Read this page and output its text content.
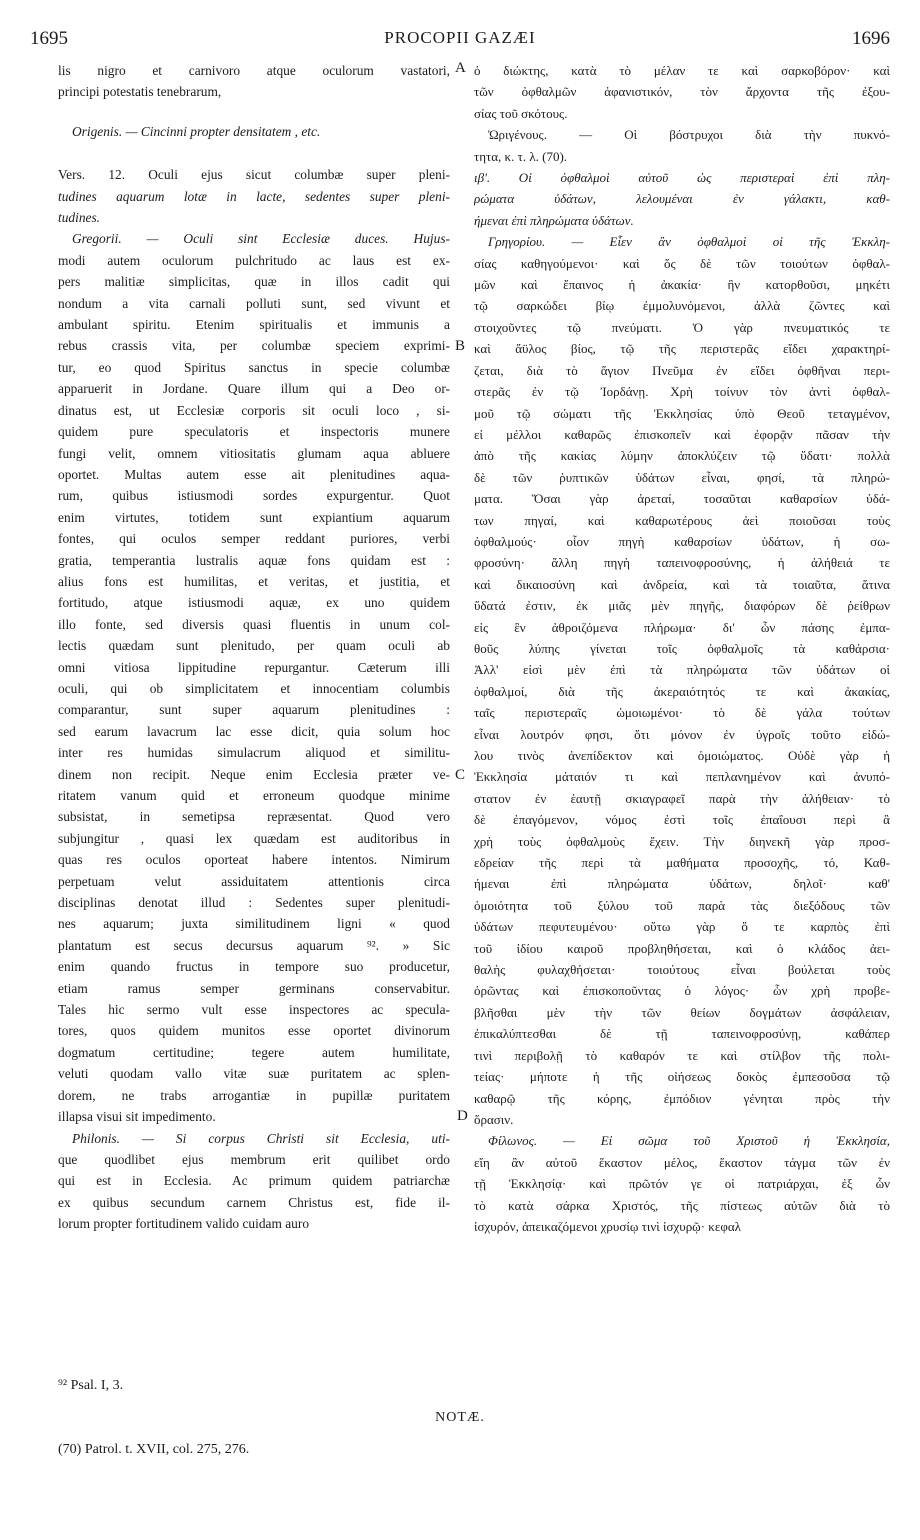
1695	PROCOPII GAZÆI	1696
lis nigro et carnivoro atque oculorum vastatori,
principi potestatis tenebrarum,
Origenis. — Cincinni propter densitatem , etc.
Vers. 12. Oculi ejus sicut columbæ super pleni-
tudines aquarum lotæ in lacte, sedentes super pleni-
tudines.
Gregorii. — Oculi sint Ecclesiæ duces. Hujus-
modi autem oculorum pulchritudo ac laus est ex-
pers malitiæ simplicitas, quæ in illos cadit qui
nondum a vita carnali polluti sunt, sed vivunt et
ambulant spiritu. Etenim spiritualis et immunis a
rebus crassis vita, per columbæ speciem exprimi-
tur, eo quod Spiritus sanctus in specie columbæ
apparuerit in Jordane. Quare illum qui a Deo or-
dinatus est, ut Ecclesiæ corporis sit oculi loco , si-
quidem pure speculatoris et inspectoris munere
fungi velit, omnem vitiositatis glumam aqua abluere
oportet. Multas autem esse ait plenitudines aqua-
rum, quibus istiusmodi sordes expurgentur. Quot
enim virtutes, totidem sunt expiantium aquarum
fontes, qui oculos semper reddant puriores, verbi
gratia, temperantia lustralis aquæ fons quidam est :
alius fons est humilitas, et veritas, et justitia, et
fortitudo, atque istiusmodi aquæ, ex uno quidem
illo fonte, sed diversis quasi fluentis in unum col-
lectis quædam sunt plenitudo, per quam oculi ab
omni vitiosa lippitudine repurgantur. Cæterum illi
oculi, qui ob simplicitatem et innocentiam columbis
comparantur, sunt super aquarum plenitudines :
sed earum lavacrum lac esse dicit, quia solum hoc
inter res humidas simulacrum aliquod et similitu-
dinem non recipit. Neque enim Ecclesia præter ve-
ritatem vanum quid et erroneum quodque minime
subsistat, in semetipsa repræsentat. Quod vero
subjungitur , quasi lex quædam est auditoribus in
quas res oculos oporteat habere intentos. Nimirum
perpetuam velut assiduitatem attentionis circa
disciplinas denotat illud : Sedentes super plenitudi-
nes aquarum; juxta similitudinem ligni « quod
plantatum est secus decursus aquarum ⁹². » Sic
enim quando fructus in tempore suo producetur,
etiam ramus semper germinans conservabitur.
Tales hic sermo vult esse inspectores ac specula-
tores, quos quidem munitos esse oportet divinorum
dogmatum certitudine; tegere autem humilitate,
veluti quodam vallo vitæ suæ puritatem ac splen-
dorem, ne trabs arrogantiæ in pupillæ puritatem
illapsa visui sit impedimento.
Philonis. — Si corpus Christi sit Ecclesia, uti-
que quodlibet ejus membrum erit quilibet ordo
qui est in Ecclesia. Ac primum quidem patriarchæ
ex quibus secundum carnem Christus est, fide il-
lorum propter fortitudinem valido cuidam auro
ὁ διώκτης, κατὰ τὸ μέλαν τε καὶ σαρκοβόρον· καὶ
τῶν ὀφθαλμῶν ἀφανιστικόν, τὸν ἄρχοντα τῆς ἐξου-
σίας τοῦ σκότους.
Ὠριγένους. — Οἱ βόστρυχοι διὰ τὴν πυκνό-
τητα, κ. τ. λ. (70).
ιβ'. Οἱ ὀφθαλμοὶ αὐτοῦ ὡς περιστεραὶ ἐπὶ πλη-
ρώματα ὑδάτων, λελουμέναι ἐν γάλακτι, καθ-
ήμεναι ἐπὶ πληρώματα ὑδάτων.
Γρηγορίου. — Εἶεν ἂν ὀφθαλμοὶ οἱ τῆς Ἐκκλη-
σίας καθηγούμενοι· καὶ ὅς δὲ τῶν τοιούτων ὀφθαλ-
μῶν καὶ ἔπαινος ἡ ἀκακία· ἣν κατορθοῦσι, μηκέτι
τῷ σαρκώδει βίῳ ἐμμολυνόμενοι, ἀλλὰ ζῶντες καὶ
στοιχοῦντες τῷ πνεύματι. Ὁ γὰρ πνευματικός τε
καὶ ἄϋλος βίος, τῷ τῆς περιστερᾶς εἴδει χαρακτηρί-
ζεται, διὰ τὸ ἅγιον Πνεῦμα ἐν εἴδει ὀφθῆναι περι-
στερᾶς ἐν τῷ Ἰορδάνῃ. Χρὴ τοίνυν τὸν ἀντὶ ὀφθαλ-
μοῦ τῷ σώματι τῆς Ἐκκλησίας ὑπὸ Θεοῦ τεταγμένον,
εἰ μέλλοι καθαρῶς ἐπισκοπεῖν καὶ ἐφορᾷν πᾶσαν τὴν
ἀπὸ τῆς κακίας λύμην ἀποκλύζειν τῷ ὕδατι· πολλὰ
δὲ τῶν ῥυπτικῶν ὑδάτων εἶναι, φησί, τὰ πληρώ-
ματα. Ὅσαι γὰρ ἀρεταί, τοσαῦται καθαρσίων ὑδά-
των πηγαί, καὶ καθαρωτέρους ἀεὶ ποιοῦσαι τοὺς
ὀφθαλμούς· οἷον πηγὴ καθαρσίων ὑδάτων, ἡ σω-
φροσύνη· ἄλλη πηγὴ ταπεινοφροσύνης, ἡ ἀλήθειά τε
καὶ δικαιοσύνη καὶ ἀνδρεία, καὶ τὰ τοιαῦτα, ἅτινα
ὕδατά ἐστιν, ἐκ μιᾶς μὲν πηγῆς, διαφόρων δὲ ῥείθρων
εἰς ἓν ἀθροιζόμενα πλήρωμα· δι' ὧν πάσης ἐμπα-
θοῦς λύπης γίνεται τοῖς ὀφθαλμοῖς τὰ καθάρσια·
Ἀλλ' εἰσὶ μὲν ἐπὶ τὰ πληρώματα τῶν ὑδάτων οἱ
ὀφθαλμοί, διὰ τῆς ἀκεραιότητός τε καὶ ἀκακίας,
ταῖς περιστεραῖς ὡμοιωμένοι· τὸ δὲ γάλα τούτων
εἶναι λουτρόν φησι, ὅτι μόνον ἐν ὑγροῖς τοῦτο εἰδώ-
λου τινὸς ἀνεπίδεκτον καὶ ὁμοιώματος. Οὐδὲ γὰρ ἡ
Ἐκκλησία μάταιόν τι καὶ πεπλανημένον καὶ ἀνυπό-
στατον ἐν ἑαυτῇ σκιαγραφεῖ παρὰ τὴν ἀλήθειαν· τὸ
δὲ ἐπαγόμενον, νόμος ἐστὶ τοῖς ἐπαΐουσι περὶ ἃ
χρὴ τοὺς ὀφθαλμοὺς ἔχειν. Τὴν διηνεκῆ γὰρ προσ-
εδρείαν τῆς περὶ τὰ μαθήματα προσοχῆς, τό, Καθ-
ήμεναι ἐπὶ πληρώματα ὑδάτων, δηλοῖ· καθ'
ὁμοιότητα τοῦ ξύλου τοῦ παρὰ τὰς διεξόδους τῶν
ὑδάτων πεφυτευμένου· οὕτω γὰρ ὅ τε καρπὸς ἐπὶ
τοῦ ἰδίου καιροῦ προβληθήσεται, καὶ ὁ κλάδος ἀει-
θαλὴς φυλαχθήσεται· τοιούτους εἶναι βούλεται τοὺς
ὁρῶντας καὶ ἐπισκοποῦντας ὁ λόγος· ὧν χρὴ προβε-
βλῆσθαι μὲν τὴν τῶν θείων δογμάτων ἀσφάλειαν,
ἐπικαλύπτεσθαι δὲ τῇ ταπεινοφροσύνῃ, καθάπερ
τινὶ περιβολῇ τὸ καθαρόν τε καὶ στίλβον τῆς πολι-
τείας· μήποτε ἡ τῆς οἰήσεως δοκὸς ἐμπεσοῦσα τῷ
καθαρῷ τῆς κόρης, ἐμπόδιον γένηται πρὸς τὴν
ὅρασιν.
Φίλωνος. — Εἰ σῶμα τοῦ Χριστοῦ ἡ Ἐκκλησία,
εἴη ἂν αὐτοῦ ἕκαστον μέλος, ἕκαστον τάγμα τῶν ἐν
τῇ Ἐκκλησίᾳ· καὶ πρῶτόν γε οἱ πατριάρχαι, ἐξ ὧν
τὸ κατὰ σάρκα Χριστός, τῆς πίστεως αὐτῶν διὰ τὸ
ἰσχυρόν, ἀπεικαζόμενοι χρυσίῳ τινὶ ἰσχυρῷ· κεφαλ
A
B
C
D
⁹² Psal. I, 3.
NOTÆ.
(70) Patrol. t. XVII, col. 275, 276.
